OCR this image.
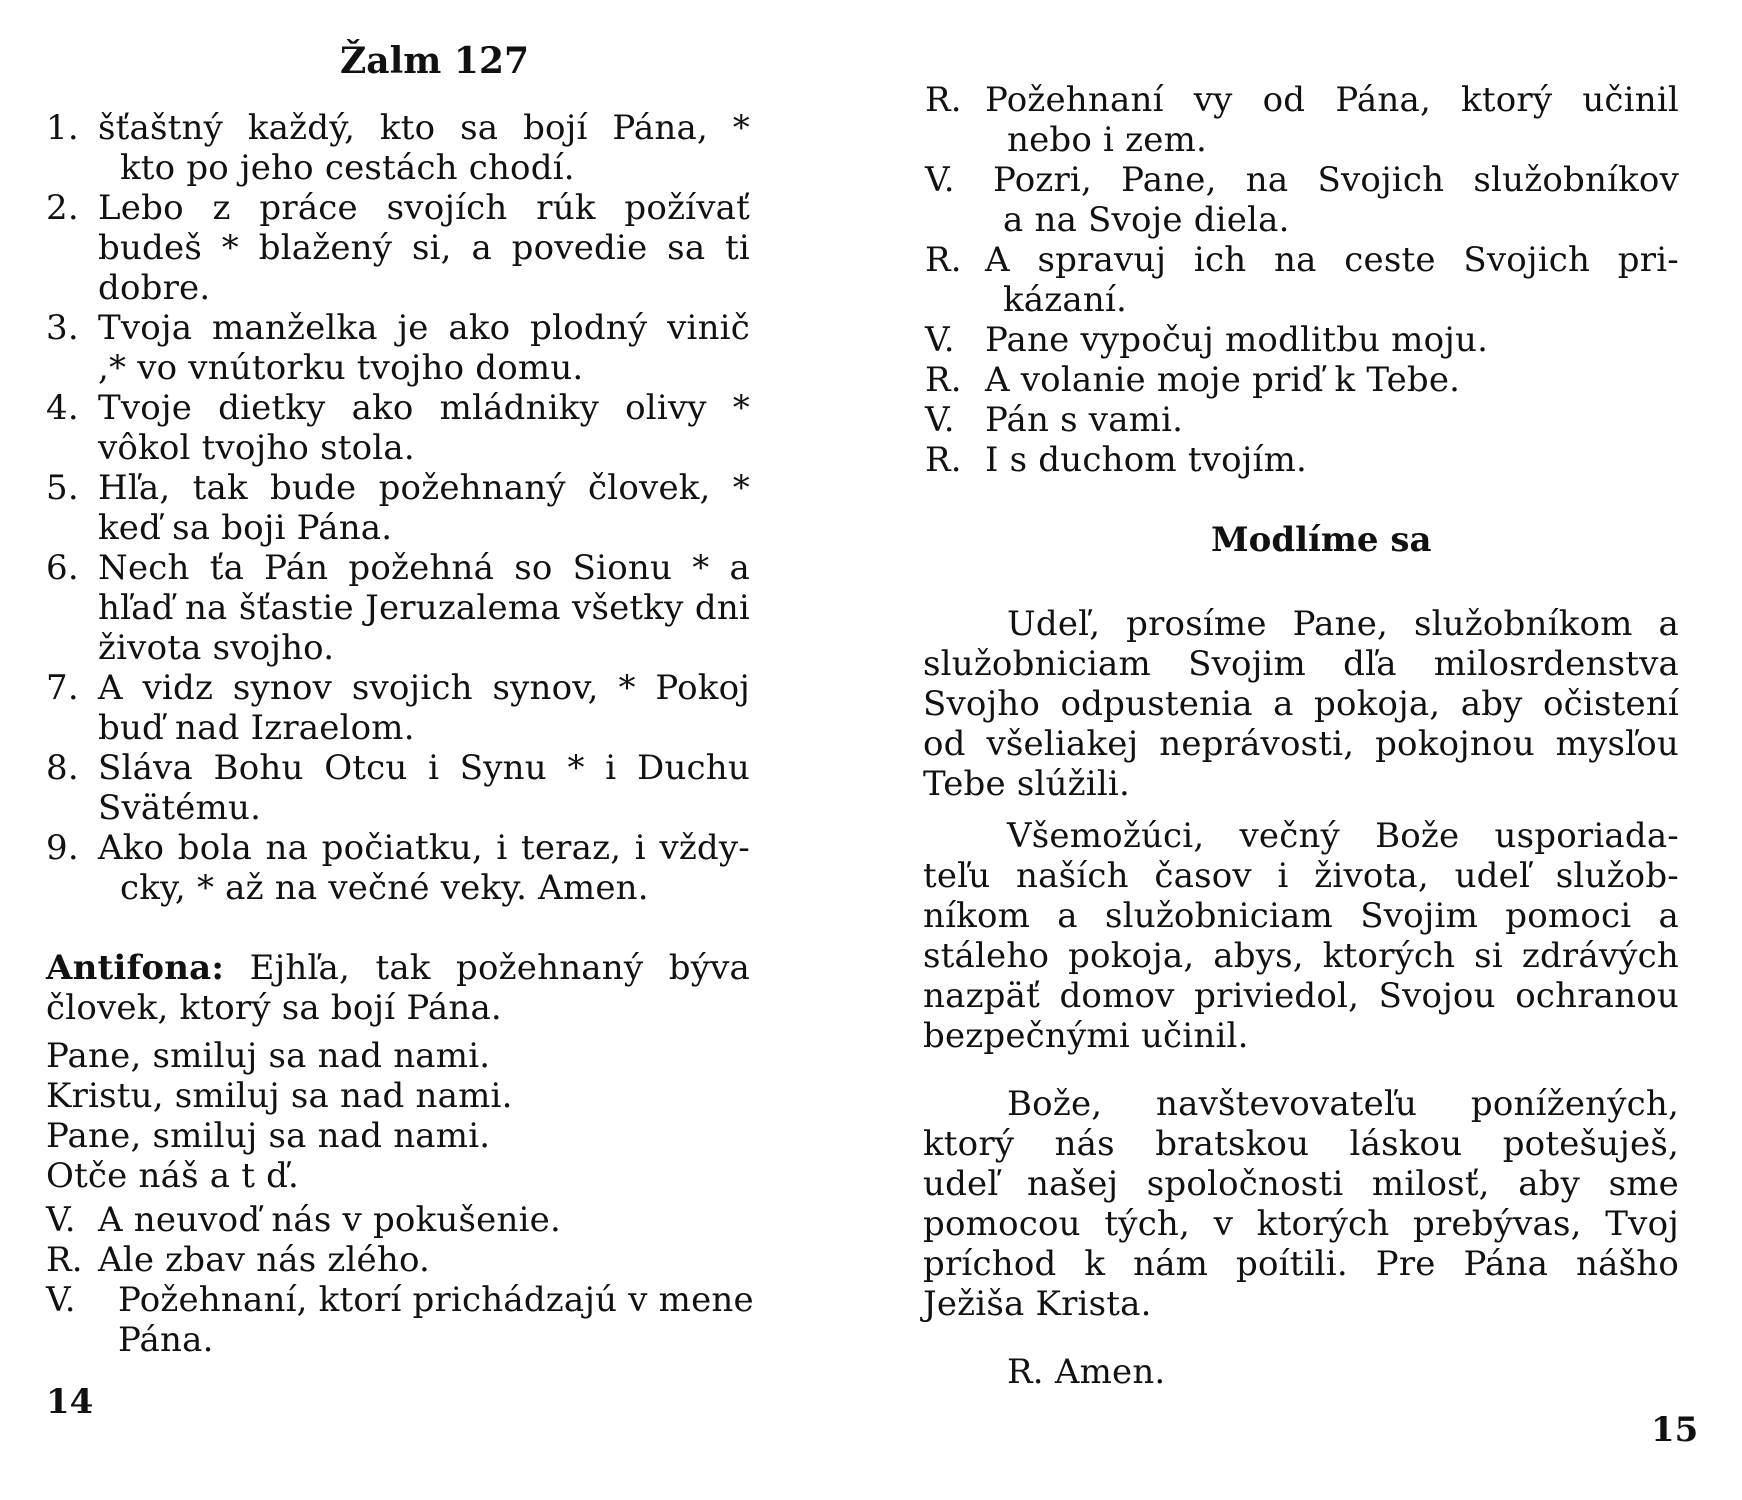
Žalm 127
1. šťaštný každý, kto sa bojí Pána, *
kto po jeho cestách chodí.
2. Lebo z práce svojích rúk požívať
budeš * blažený si, a povedie sa ti
dobre.
3. Tvoja manželka je ako plodný vinič
,* vo vnútorku tvojho domu.
4. Tvoje dietky ako mládniky olivy *
vôkol tvojho stola.
5. Hľa, tak bude požehnaný človek, *
keď sa boji Pána.
6. Nech ťa Pán požehná so Sionu * a
hľaď na šťastie Jeruzalema všetky dni
života svojho.
7. A vidz synov svojich synov, * Pokoj
buď nad Izraelom.
8. Sláva Bohu Otcu i Synu * i Duchu
Svätému.
9. Ako bola na počiatku, i teraz, i vždy-
cky, * až na večné veky. Amen.
Antifona: Ejhľa, tak požehnaný býva
človek, ktorý sa bojí Pána.
Pane, smiluj sa nad nami.
Kristu, smiluj sa nad nami.
Pane, smiluj sa nad nami.
Otče náš a t ď.
V. A neuvoď nás v pokušenie.
R. Ale zbav nás zlého.
V.	Požehnaní, ktorí prichádzajú v mene
Pána.
14
R. Požehnaní vy od Pána, ktorý učinil
nebo i zem.
V.	Pozri, Pane, na Svojich služobníkov
a na Svoje diela.
R. A spravuj ich na ceste Svojich pri-
kázaní.
V. Pane vypočuj modlitbu moju.
R. A volanie moje priď k Tebe.
V. Pán s vami.
R. I s duchom tvojím.
Modlíme sa
Udeľ, prosíme Pane, služobníkom a
služobniciam Svojim dľa milosrdenstva
Svojho odpustenia a pokoja, aby očistení
od všeliakej neprávosti, pokojnou mysľou
Tebe slúžili.
Všemožúci, večný Bože usporiada-
teľu naších časov i života, udeľ služob-
níkom a služobniciam Svojim pomoci a
stáleho pokoja, abys, ktorých si zdrávých
nazpäť domov priviedol, Svojou ochranou
bezpečnými učinil.
Bože, navštevovateľu ponížených,
ktorý nás bratskou láskou potešuješ,
udeľ našej spoločnosti milosť, aby sme
pomocou tých, v ktorých prebývas, Tvoj
príchod k nám poítili. Pre Pána nášho
Ježiša Krista.
R. Amen.
15
